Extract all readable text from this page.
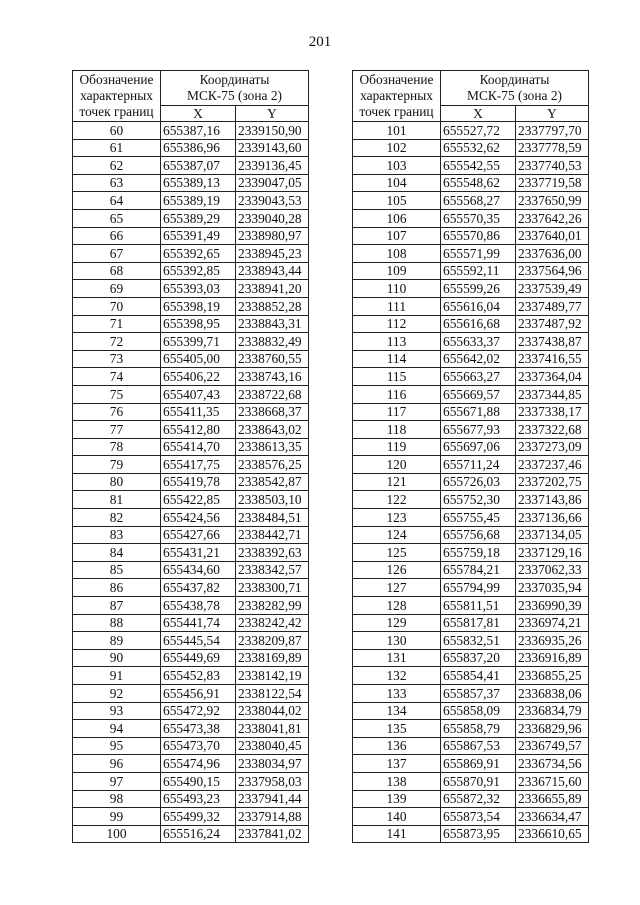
201
Обозначение
характерных
точек границ	Координаты
МСК-75 (зона 2)	
	X	Y
60	655387,16	2339150,90
61	655386,96	2339143,60
62	655387,07	2339136,45
63	655389,13	2339047,05
64	655389,19	2339043,53
65	655389,29	2339040,28
66	655391,49	2338980,97
67	655392,65	2338945,23
68	655392,85	2338943,44
69	655393,03	2338941,20
70	655398,19	2338852,28
71	655398,95	2338843,31
72	655399,71	2338832,49
73	655405,00	2338760,55
74	655406,22	2338743,16
75	655407,43	2338722,68
76	655411,35	2338668,37
77	655412,80	2338643,02
78	655414,70	2338613,35
79	655417,75	2338576,25
80	655419,78	2338542,87
81	655422,85	2338503,10
82	655424,56	2338484,51
83	655427,66	2338442,71
84	655431,21	2338392,63
85	655434,60	2338342,57
86	655437,82	2338300,71
87	655438,78	2338282,99
88	655441,74	2338242,42
89	655445,54	2338209,87
90	655449,69	2338169,89
91	655452,83	2338142,19
92	655456,91	2338122,54
93	655472,92	2338044,02
94	655473,38	2338041,81
95	655473,70	2338040,45
96	655474,96	2338034,97
97	655490,15	2337958,03
98	655493,23	2337941,44
99	655499,32	2337914,88
100	655516,24	2337841,02
Обозначение
характерных
точек границ	Координаты
МСК-75 (зона 2)	
	X	Y
101	655527,72	2337797,70
102	655532,62	2337778,59
103	655542,55	2337740,53
104	655548,62	2337719,58
105	655568,27	2337650,99
106	655570,35	2337642,26
107	655570,86	2337640,01
108	655571,99	2337636,00
109	655592,11	2337564,96
110	655599,26	2337539,49
111	655616,04	2337489,77
112	655616,68	2337487,92
113	655633,37	2337438,87
114	655642,02	2337416,55
115	655663,27	2337364,04
116	655669,57	2337344,85
117	655671,88	2337338,17
118	655677,93	2337322,68
119	655697,06	2337273,09
120	655711,24	2337237,46
121	655726,03	2337202,75
122	655752,30	2337143,86
123	655755,45	2337136,66
124	655756,68	2337134,05
125	655759,18	2337129,16
126	655784,21	2337062,33
127	655794,99	2337035,94
128	655811,51	2336990,39
129	655817,81	2336974,21
130	655832,51	2336935,26
131	655837,20	2336916,89
132	655854,41	2336855,25
133	655857,37	2336838,06
134	655858,09	2336834,79
135	655858,79	2336829,96
136	655867,53	2336749,57
137	655869,91	2336734,56
138	655870,91	2336715,60
139	655872,32	2336655,89
140	655873,54	2336634,47
141	655873,95	2336610,65
